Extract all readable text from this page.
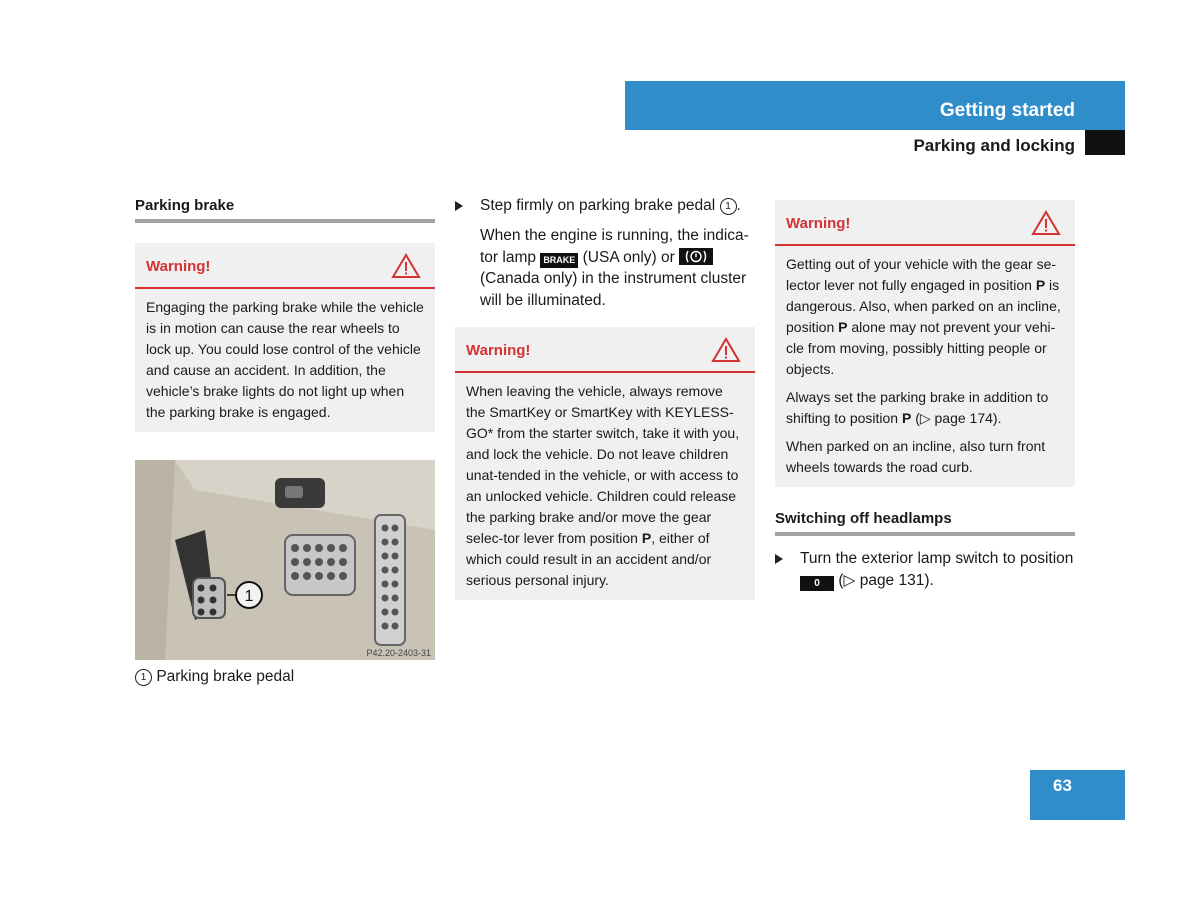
Getting started
Parking and locking
Parking brake
Warning!

Engaging the parking brake while the vehicle is in motion can cause the rear wheels to lock up. You could lose control of the vehicle and cause an accident. In addition, the vehicle’s brake lights do not light up when the parking brake is engaged.

1
P42.20-2403-31
1 Parking brake pedal
Step firmly on parking brake pedal 1 .
When the engine is running, the indica-tor lamp BRAKE (USA only) or  (Canada only) in the instrument cluster will be illuminated.
Warning!

When leaving the vehicle, always remove the SmartKey or SmartKey with KEYLESS-GO* from the starter switch, take it with you, and lock the vehicle. Do not leave children unat-tended in the vehicle, or with access to an unlocked vehicle. Children could release the parking brake and/or move the gear selec-tor lever from position P, either of which could result in an accident and/or serious personal injury.

Warning!

Getting out of your vehicle with the gear se-lector lever not fully engaged in position P is dangerous. Also, when parked on an incline, position P alone may not prevent your vehi-cle from moving, possibly hitting people or objects.

Always set the parking brake in addition to shifting to position P (▷ page 174).

When parked on an incline, also turn front wheels towards the road curb.

Switching off headlamps
Turn the exterior lamp switch to position 0 (▷ page 131).
63
